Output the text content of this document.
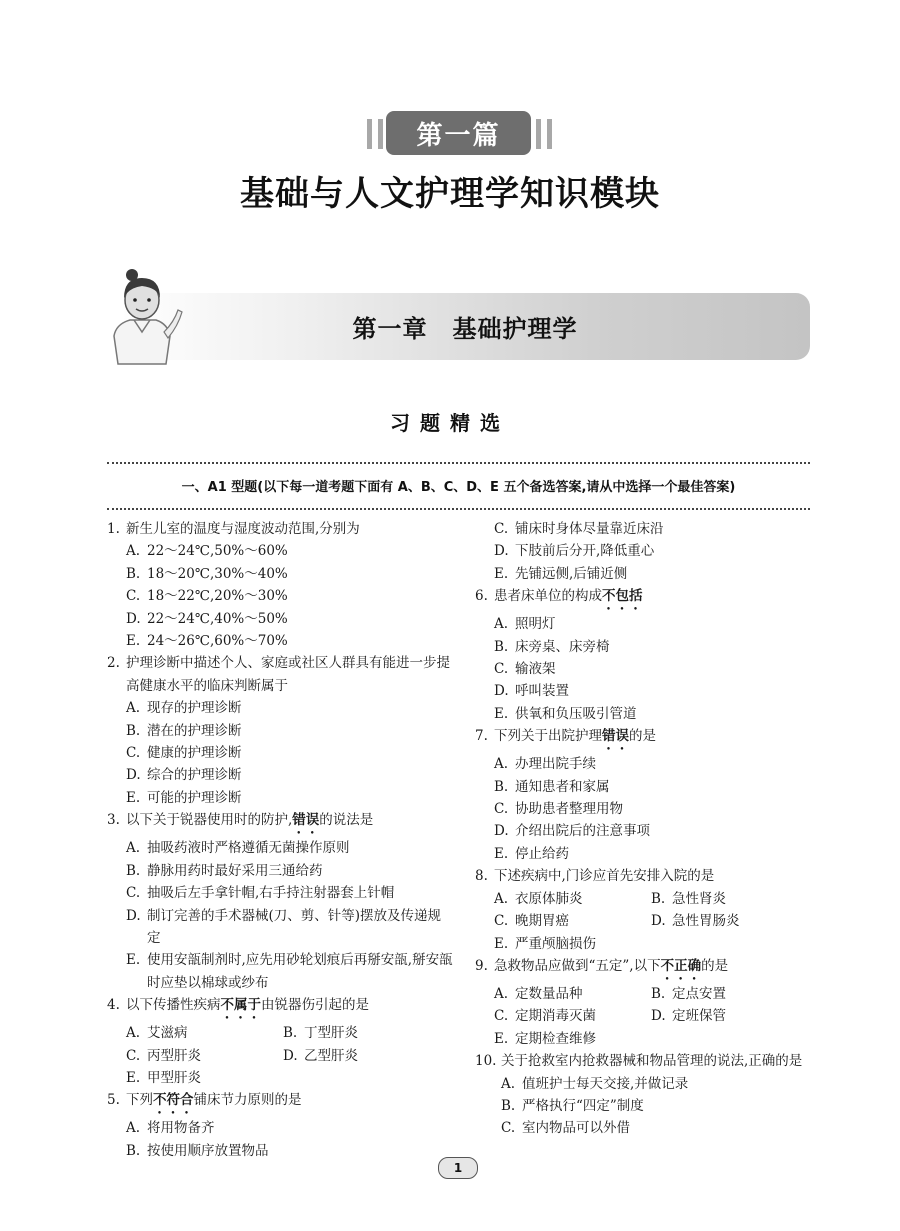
第一篇
基础与人文护理学知识模块
第一章　基础护理学
习题精选
一、A1 型题(以下每一道考题下面有 A、B、C、D、E 五个备选答案,请从中选择一个最佳答案)

1. 新生儿室的温度与湿度波动范围,分别为

A. 22～24℃,50%～60%

B. 18～20℃,30%～40%

C. 18～22℃,20%～30%

D. 22～24℃,40%～50%

E. 24～26℃,60%～70%

2. 护理诊断中描述个人、家庭或社区人群具有能进一步提高健康水平的临床判断属于

A. 现存的护理诊断

B. 潜在的护理诊断

C. 健康的护理诊断

D. 综合的护理诊断

E. 可能的护理诊断

3. 以下关于锐器使用时的防护,错误的说法是

A. 抽吸药液时严格遵循无菌操作原则

B. 静脉用药时最好采用三通给药

C. 抽吸后左手拿针帽,右手持注射器套上针帽

D. 制订完善的手术器械(刀、剪、针等)摆放及传递规定

E. 使用安瓿制剂时,应先用砂轮划痕后再掰安瓿,掰安瓿时应垫以棉球或纱布

4. 以下传播性疾病不属于由锐器伤引起的是

A. 艾滋病	B. 丁型肝炎
C. 丙型肝炎	D. 乙型肝炎

E. 甲型肝炎

5. 下列不符合铺床节力原则的是

A. 将用物备齐

B. 按使用顺序放置物品

C. 铺床时身体尽量靠近床沿

D. 下肢前后分开,降低重心

E. 先铺远侧,后铺近侧

6. 患者床单位的构成不包括

A. 照明灯

B. 床旁桌、床旁椅

C. 输液架

D. 呼叫装置

E. 供氧和负压吸引管道

7. 下列关于出院护理错误的是

A. 办理出院手续

B. 通知患者和家属

C. 协助患者整理用物

D. 介绍出院后的注意事项

E. 停止给药

8. 下述疾病中,门诊应首先安排入院的是

A. 衣原体肺炎	B. 急性肾炎
C. 晚期胃癌	D. 急性胃肠炎

E. 严重颅脑损伤

9. 急救物品应做到“五定”,以下不正确的是

A. 定数量品种	B. 定点安置
C. 定期消毒灭菌	D. 定班保管

E. 定期检查维修

10. 关于抢救室内抢救器械和物品管理的说法,正确的是

A. 值班护士每天交接,并做记录

B. 严格执行“四定”制度

C. 室内物品可以外借

1
